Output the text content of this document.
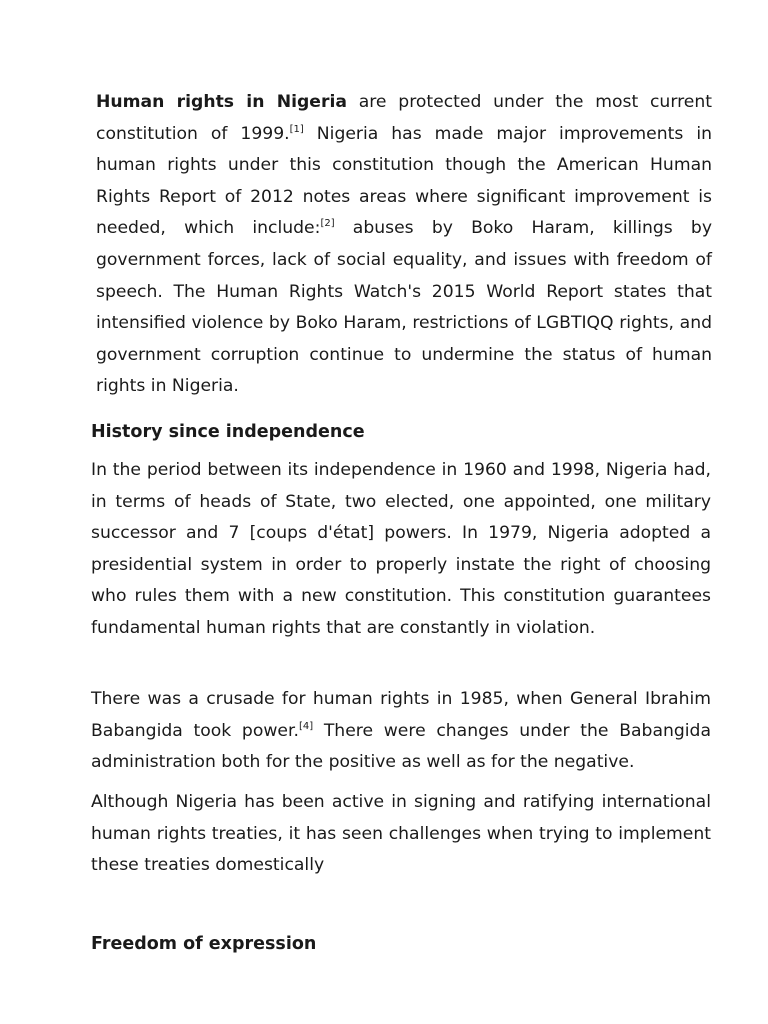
Human rights in Nigeria are protected under the most current constitution of 1999.[1] Nigeria has made major improvements in human rights under this constitution though the American Human Rights Report of 2012 notes areas where significant improvement is needed, which include:[2] abuses by Boko Haram, killings by government forces, lack of social equality, and issues with freedom of speech. The Human Rights Watch's 2015 World Report states that intensified violence by Boko Haram, restrictions of LGBTIQQ rights, and government corruption continue to undermine the status of human rights in Nigeria.

History since independence

In the period between its independence in 1960 and 1998, Nigeria had, in terms of heads of State, two elected, one appointed, one military successor and 7 [coups d'état] powers. In 1979, Nigeria adopted a presidential system in order to properly instate the right of choosing who rules them with a new constitution. This constitution guarantees fundamental human rights that are constantly in violation.

There was a crusade for human rights in 1985, when General Ibrahim Babangida took power.[4] There were changes under the Babangida administration both for the positive as well as for the negative.

Although Nigeria has been active in signing and ratifying international human rights treaties, it has seen challenges when trying to implement these treaties domestically

Freedom of expression
